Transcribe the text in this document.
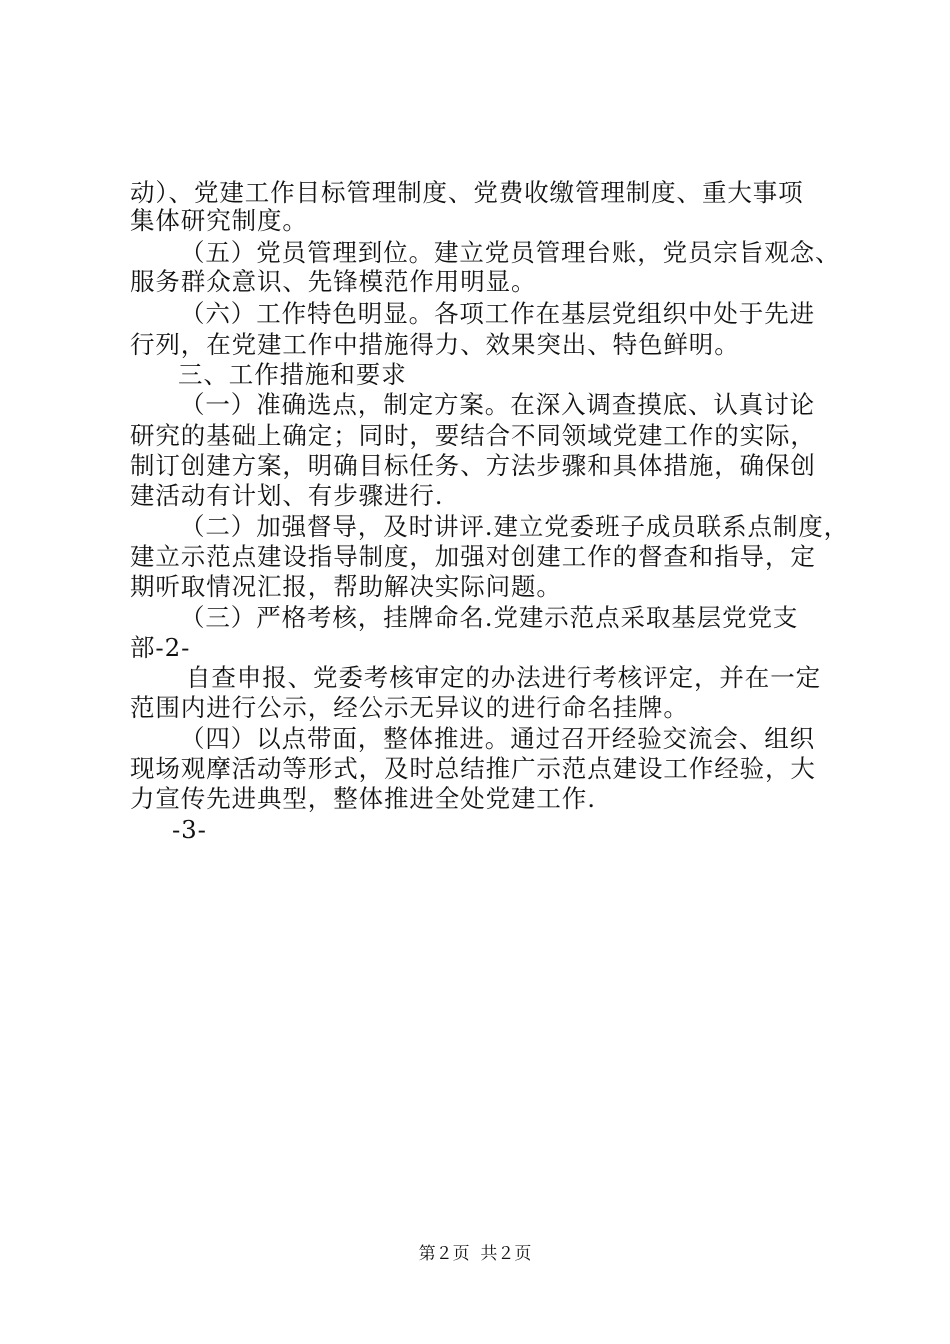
动）、党建工作目标管理制度、党费收缴管理制度、重大事项
集体研究制度。
（五）党员管理到位。建立党员管理台账，党员宗旨观念、
服务群众意识、先锋模范作用明显。
（六）工作特色明显。各项工作在基层党组织中处于先进
行列，在党建工作中措施得力、效果突出、特色鲜明。
三、工作措施和要求
（一）准确选点，制定方案。在深入调查摸底、认真讨论
研究的基础上确定；同时，要结合不同领域党建工作的实际，
制订创建方案，明确目标任务、方法步骤和具体措施，确保创
建活动有计划、有步骤进行.
（二）加强督导，及时讲评.建立党委班子成员联系点制度，
建立示范点建设指导制度，加强对创建工作的督查和指导，定
期听取情况汇报，帮助解决实际问题。
（三）严格考核，挂牌命名.党建示范点采取基层党党支
部-2-
自查申报、党委考核审定的办法进行考核评定，并在一定
范围内进行公示，经公示无异议的进行命名挂牌。
（四）以点带面，整体推进。通过召开经验交流会、组织
现场观摩活动等形式，及时总结推广示范点建设工作经验，大
力宣传先进典型，整体推进全处党建工作.
-3-
第２页  共２页
